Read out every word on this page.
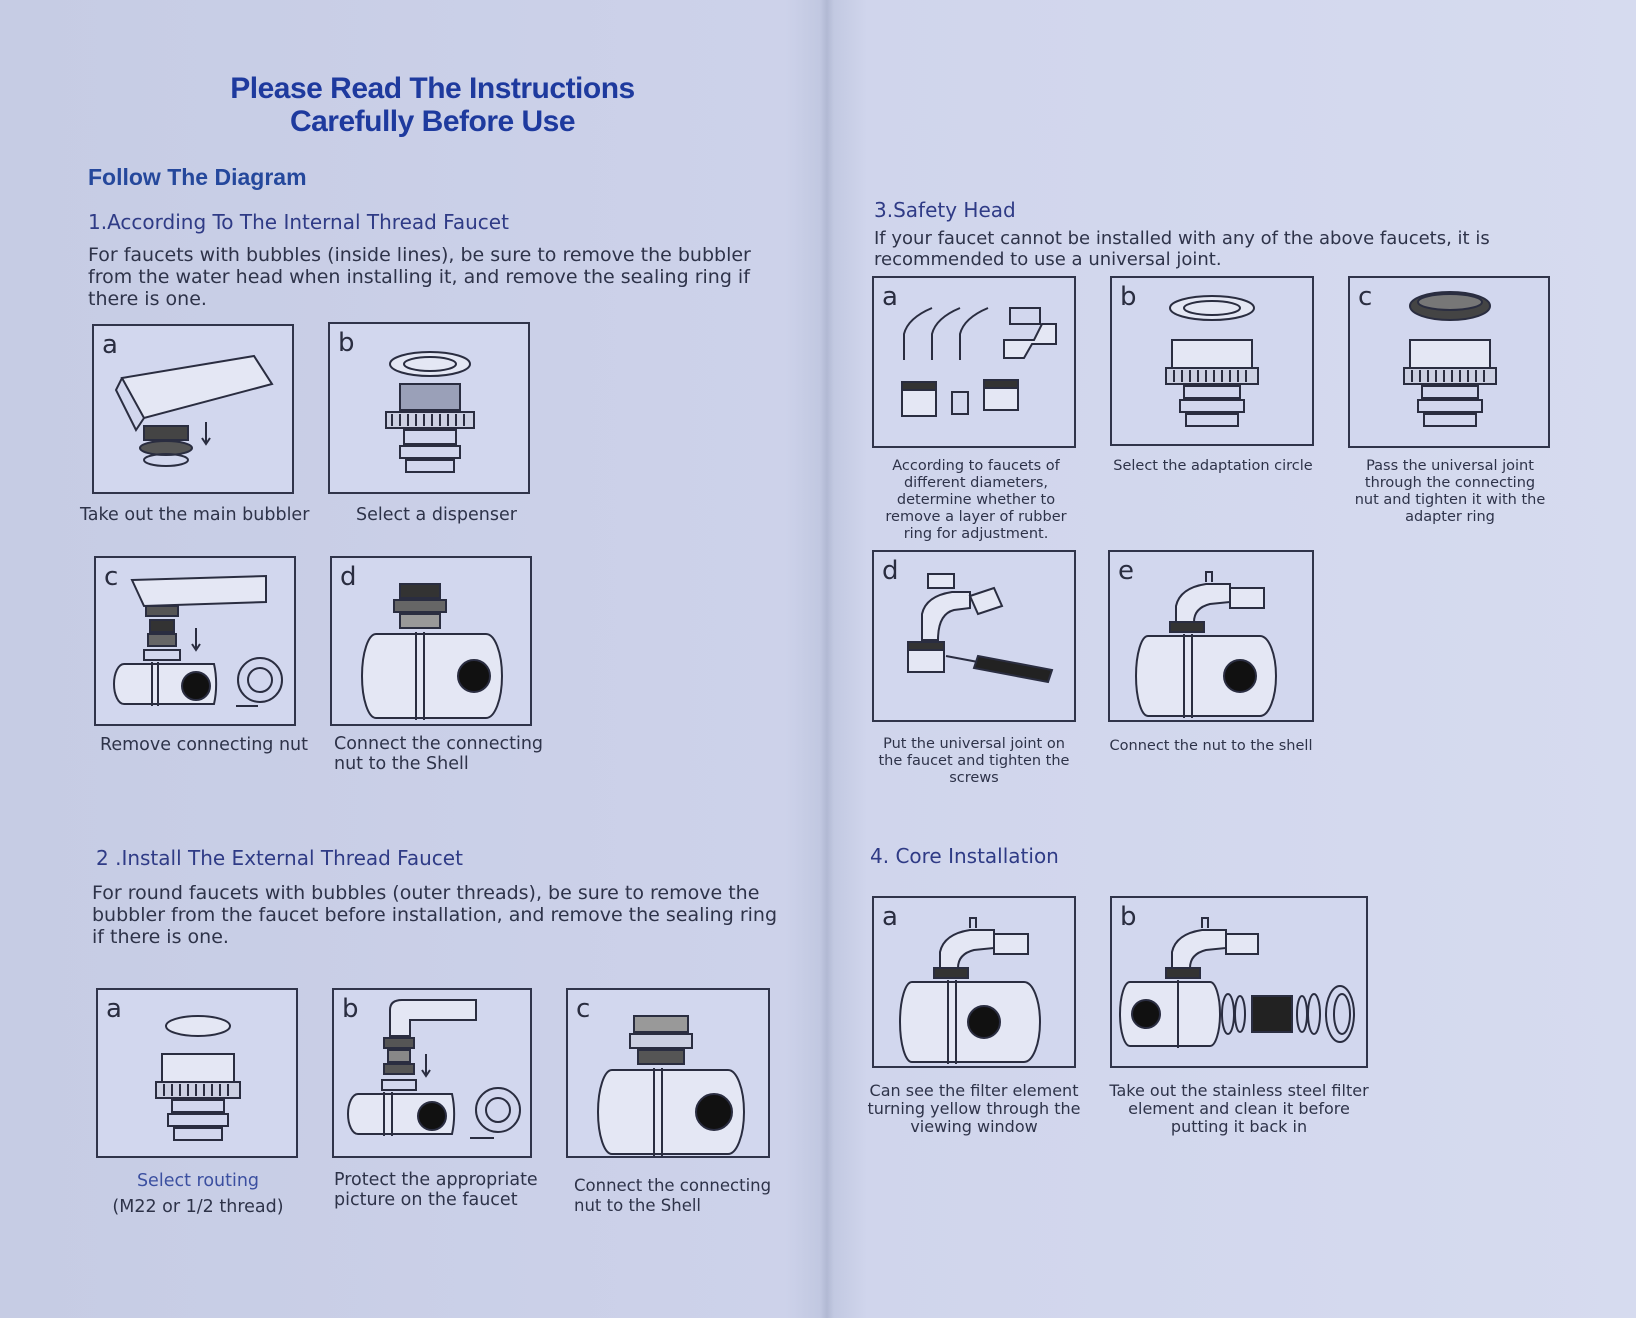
Please Read The Instructions
Carefully Before Use
Follow The Diagram
1.According To The Internal Thread Faucet
For faucets with bubbles (inside lines), be sure to remove the bubbler from the water head when installing it, and remove the sealing ring if there is one.
a
Take out the main bubbler
b
Select a dispenser
c
Remove connecting nut
d
Connect the connecting nut to the Shell
2 .Install The External Thread Faucet
For round faucets with bubbles (outer threads), be sure to remove the bubbler from the faucet before installation, and remove the sealing ring if there is one.
a
Select routing
(M22 or 1/2 thread)
b
Protect the appropriate picture on the faucet
c
Connect the connecting nut to the Shell
3.Safety Head
If your faucet cannot be installed with any of the above faucets, it is recommended to use a universal joint.
a
According to faucets of different diameters, determine whether to remove a layer of rubber ring for adjustment.
b
Select the adaptation circle
c
Pass the universal joint through the connecting nut and tighten it with the adapter ring
d
Put the universal joint on the faucet and tighten the screws
e
Connect the nut to the shell
4. Core Installation
a
Can see the filter element turning yellow through the viewing window
b
Take out the stainless steel filter element and clean it before putting it back in
